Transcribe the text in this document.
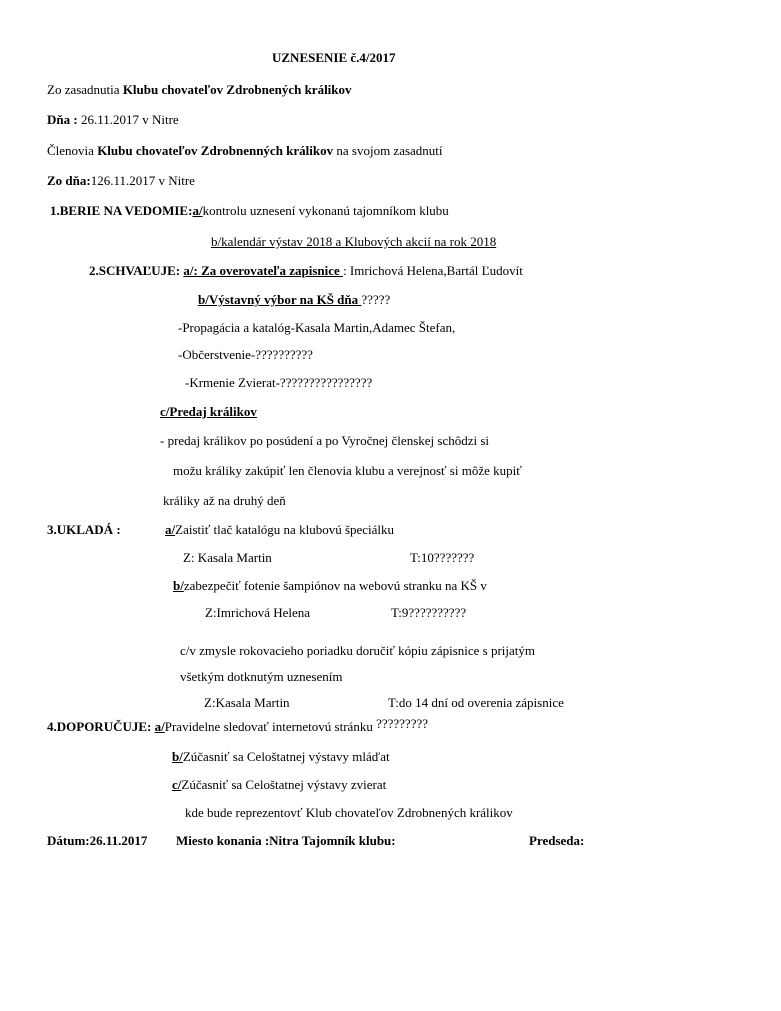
UZNESENIE č.4/2017
Zo zasadnutia Klubu chovateľov Zdrobnených králikov
Dňa : 26.11.2017 v Nitre
Členovia Klubu chovateľov Zdrobnenných králikov na svojom zasadnutí
Zo dňa:126.11.2017 v Nitre
1.BERIE NA VEDOMIE:a/kontrolu uznesení vykonanú tajomníkom klubu
b/kalendár výstav 2018 a Klubových akcií na rok 2018
2.SCHVAĽUJE: a/: Za overovateľa zapisnice : Imrichová Helena,Bartál Ľudovít
b/Výstavný výbor na KŠ dňa ?????
-Propagácia a katalóg-Kasala Martin,Adamec Štefan,
-Občerstvenie-??????????
-Krmenie Zvierat-????????????????
c/Predaj králikov
- predaj králikov po posúdení a po Vyročnej členskej schôdzi si
možu králiky zakúpiť len členovia klubu a verejnosť si môže kupiť
králiky až na druhý deň
3.UKLADÁ :	a/Zaistiť tlač katalógu na klubovú špeciálku
Z: Kasala Martin	T:10???????
b/zabezpečiť fotenie šampiónov na webovú stranku na KŠ v
Z:Imrichová Helena	T:9??????????
c/v zmysle rokovacieho poriadku doručiť kópiu zápisnice s prijatým
všetkým dotknutým uznesením
Z:Kasala Martin	T:do 14 dní od overenia zápisnice
4.DOPORUČUJE: a/Pravidelne sledovať internetovú stránku ?????????
b/Zúčasniť sa Celoštatnej výstavy mláďat
c/Zúčasniť sa Celoštatnej výstavy zvierat
kde bude reprezentovť Klub chovateľov Zdrobnených králikov
Dátum:26.11.2017 Miesto konania :Nitra Tajomník klubu:	Predseda:
